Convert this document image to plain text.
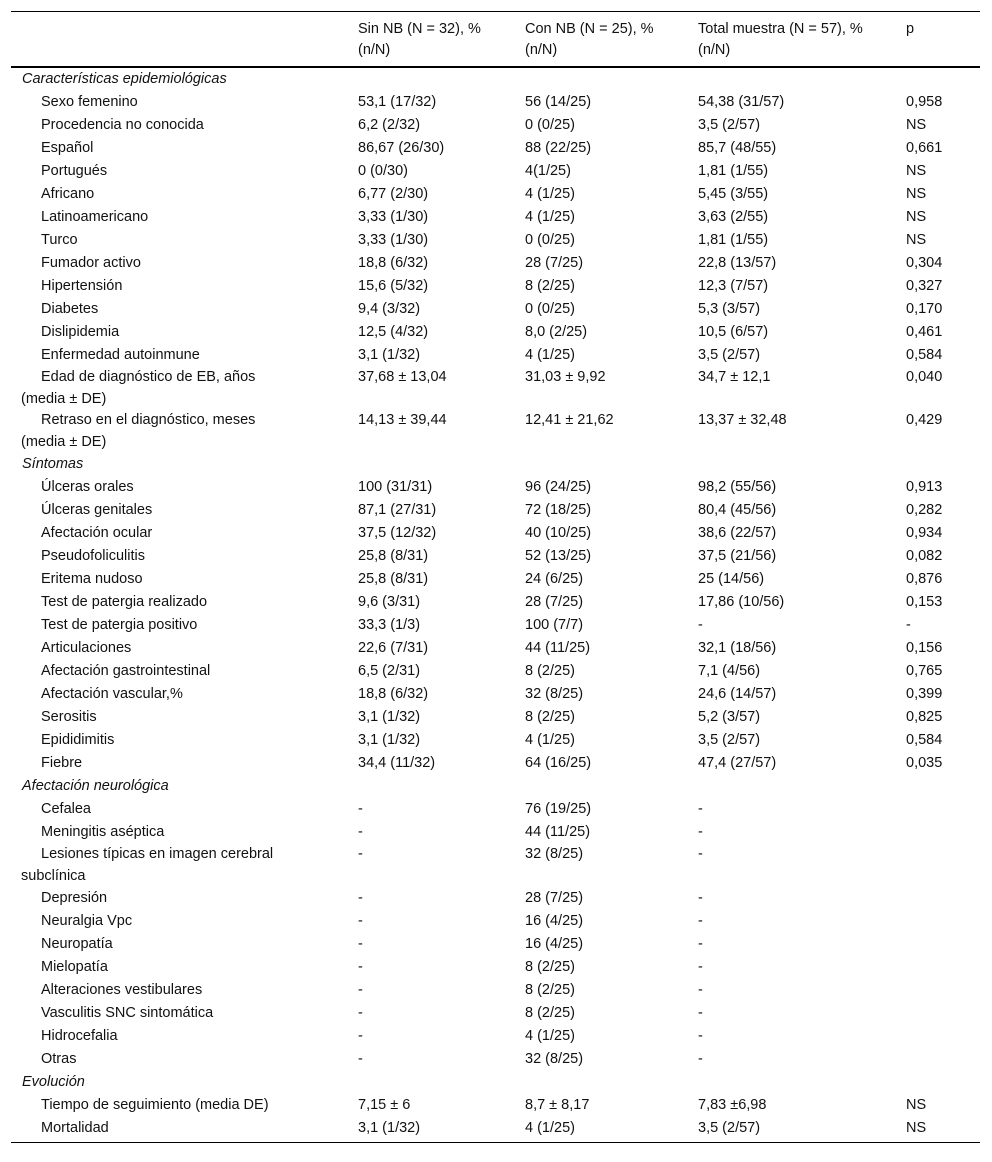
	Sin NB (N = 32), % (n/N)	Con NB (N = 25), % (n/N)	Total muestra (N = 57), % (n/N)	p
Características epidemiológicas				
Sexo femenino	53,1 (17/32)	56 (14/25)	54,38 (31/57)	0,958
Procedencia no conocida	6,2 (2/32)	0 (0/25)	3,5 (2/57)	NS
Español	86,67 (26/30)	88 (22/25)	85,7 (48/55)	0,661
Portugués	0 (0/30)	4(1/25)	1,81 (1/55)	NS
Africano	6,77 (2/30)	4 (1/25)	5,45 (3/55)	NS
Latinoamericano	3,33 (1/30)	4 (1/25)	3,63 (2/55)	NS
Turco	3,33 (1/30)	0 (0/25)	1,81 (1/55)	NS
Fumador activo	18,8 (6/32)	28 (7/25)	22,8 (13/57)	0,304
Hipertensión	15,6 (5/32)	8 (2/25)	12,3 (7/57)	0,327
Diabetes	9,4 (3/32)	0 (0/25)	5,3 (3/57)	0,170
Dislipidemia	12,5 (4/32)	8,0 (2/25)	10,5 (6/57)	0,461
Enfermedad autoinmune	3,1 (1/32)	4 (1/25)	3,5 (2/57)	0,584
Edad de diagnóstico de EB, años
(media ± DE)	37,68 ± 13,04	31,03 ± 9,92	34,7 ± 12,1	0,040
Retraso en el diagnóstico, meses
(media ± DE)	14,13 ± 39,44	12,41 ± 21,62	13,37 ± 32,48	0,429
Síntomas				
Úlceras orales	100 (31/31)	96 (24/25)	98,2 (55/56)	0,913
Úlceras genitales	87,1 (27/31)	72 (18/25)	80,4 (45/56)	0,282
Afectación ocular	37,5 (12/32)	40 (10/25)	38,6 (22/57)	0,934
Pseudofoliculitis	25,8 (8/31)	52 (13/25)	37,5 (21/56)	0,082
Eritema nudoso	25,8 (8/31)	24 (6/25)	25 (14/56)	0,876
Test de patergia realizado	9,6 (3/31)	28 (7/25)	17,86 (10/56)	0,153
Test de patergia positivo	33,3 (1/3)	100 (7/7)	-	-
Articulaciones	22,6 (7/31)	44 (11/25)	32,1 (18/56)	0,156
Afectación gastrointestinal	6,5 (2/31)	8 (2/25)	7,1 (4/56)	0,765
Afectación vascular,%	18,8 (6/32)	32 (8/25)	24,6 (14/57)	0,399
Serositis	3,1 (1/32)	8 (2/25)	5,2 (3/57)	0,825
Epididimitis	3,1 (1/32)	4 (1/25)	3,5 (2/57)	0,584
Fiebre	34,4 (11/32)	64 (16/25)	47,4 (27/57)	0,035
Afectación neurológica				
Cefalea	-	76 (19/25)	-	
Meningitis aséptica	-	44 (11/25)	-	
Lesiones típicas en imagen cerebral
subclínica	-	32 (8/25)	-	
Depresión	-	28 (7/25)	-	
Neuralgia Vpc	-	16 (4/25)	-	
Neuropatía	-	16 (4/25)	-	
Mielopatía	-	8 (2/25)	-	
Alteraciones vestibulares	-	8 (2/25)	-	
Vasculitis SNC sintomática	-	8 (2/25)	-	
Hidrocefalia	-	4 (1/25)	-	
Otras	-	32 (8/25)	-	
Evolución				
Tiempo de seguimiento (media DE)	7,15 ± 6	8,7 ± 8,17	7,83 ±6,98	NS
Mortalidad	3,1 (1/32)	4 (1/25)	3,5 (2/57)	NS
